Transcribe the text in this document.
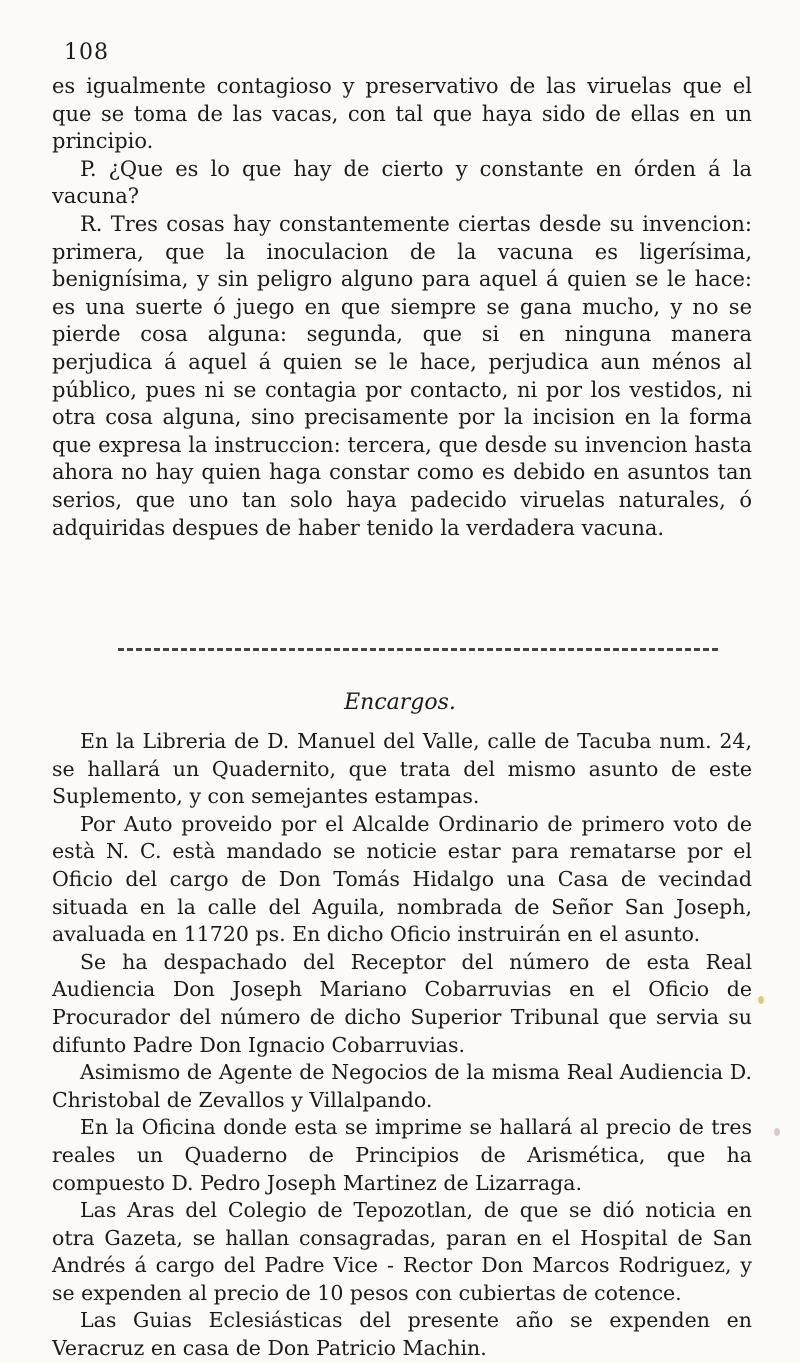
108

es igualmente contagioso y preservativo de las viruelas que el que se toma de las vacas, con tal que haya sido de ellas en un principio.

P. ¿Que es lo que hay de cierto y constante en órden á la vacuna?

R. Tres cosas hay constantemente ciertas desde su invencion: primera, que la inoculacion de la vacuna es ligerísima, benignísima, y sin peligro alguno para aquel á quien se le hace: es una suerte ó juego en que siempre se gana mucho, y no se pierde cosa alguna: segunda, que si en ninguna manera perjudica á aquel á quien se le hace, perjudica aun ménos al público, pues ni se contagia por contacto, ni por los vestidos, ni otra cosa alguna, sino precisamente por la incision en la forma que expresa la instruccion: tercera, que desde su invencion hasta ahora no hay quien haga constar como es debido en asuntos tan serios, que uno tan solo haya padecido viruelas naturales, ó adquiridas despues de haber tenido la verdadera vacuna.

Encargos.

En la Libreria de D. Manuel del Valle, calle de Tacuba num. 24, se hallará un Quadernito, que trata del mismo asunto de este Suplemento, y con semejantes estampas.

Por Auto proveido por el Alcalde Ordinario de primero voto de està N. C. està mandado se noticie estar para rematarse por el Oficio del cargo de Don Tomás Hidalgo una Casa de vecindad situada en la calle del Aguila, nombrada de Señor San Joseph, avaluada en 11720 ps. En dicho Oficio instruirán en el asunto.

Se ha despachado del Receptor del número de esta Real Audiencia Don Joseph Mariano Cobarruvias en el Oficio de Procurador del número de dicho Superior Tribunal que servia su difunto Padre Don Ignacio Cobarruvias.

Asimismo de Agente de Negocios de la misma Real Audiencia D. Christobal de Zevallos y Villalpando.

En la Oficina donde esta se imprime se hallará al precio de tres reales un Quaderno de Principios de Arismética, que ha compuesto D. Pedro Joseph Martinez de Lizarraga.

Las Aras del Colegio de Tepozotlan, de que se dió noticia en otra Gazeta, se hallan consagradas, paran en el Hospital de San Andrés á cargo del Padre Vice - Rector Don Marcos Rodriguez, y se expenden al precio de 10 pesos con cubiertas de cotence.

Las Guias Eclesiásticas del presente año se expenden en Veracruz en casa de Don Patricio Machin.
